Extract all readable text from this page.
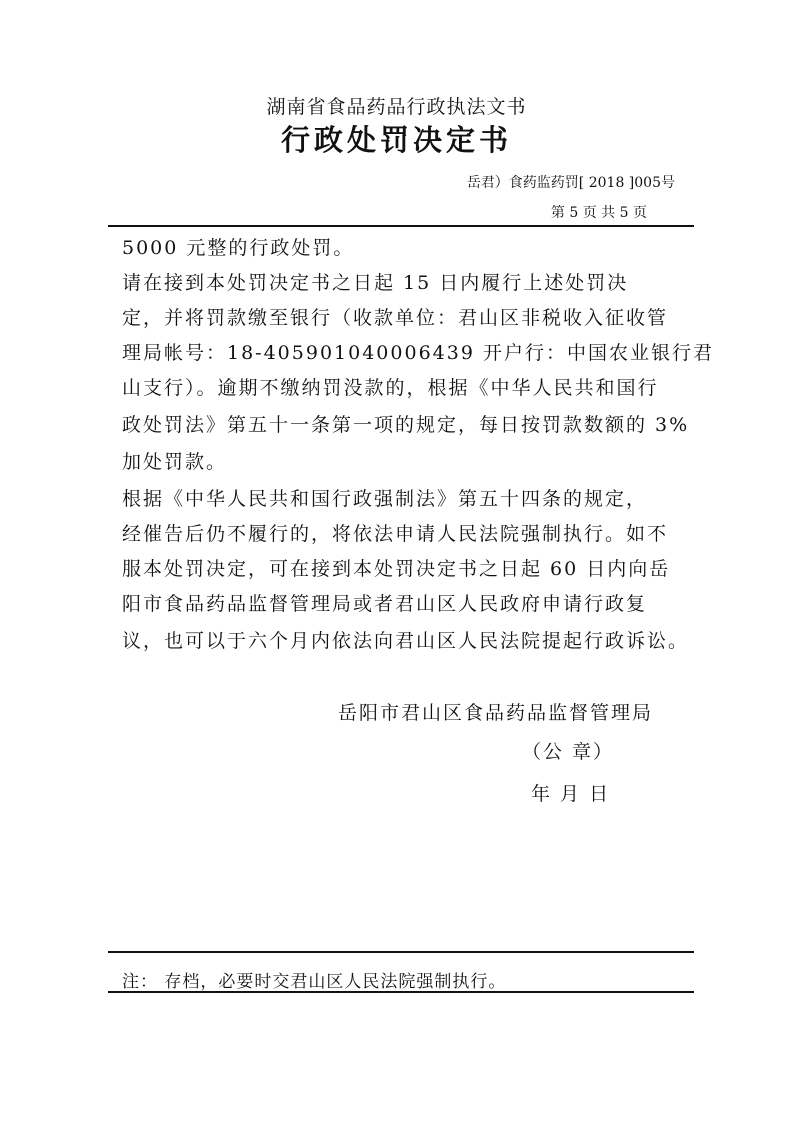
湖南省食品药品行政执法文书
行政处罚决定书
岳君）食药监药罚[ 2018 ]005号
第 5 页 共 5 页
5000 元整的行政处罚。
请在接到本处罚决定书之日起 15 日内履行上述处罚决
定，并将罚款缴至银行（收款单位：君山区非税收入征收管
理局帐号：18-405901040006439 开户行：中国农业银行君
山支行）。逾期不缴纳罚没款的，根据《中华人民共和国行
政处罚法》第五十一条第一项的规定，每日按罚款数额的 3%
加处罚款。
根据《中华人民共和国行政强制法》第五十四条的规定，
经催告后仍不履行的，将依法申请人民法院强制执行。如不
服本处罚决定，可在接到本处罚决定书之日起 60 日内向岳
阳市食品药品监督管理局或者君山区人民政府申请行政复
议，也可以于六个月内依法向君山区人民法院提起行政诉讼。
岳阳市君山区食品药品监督管理局
（公 章）
年 月 日
注： 存档，必要时交君山区人民法院强制执行。
